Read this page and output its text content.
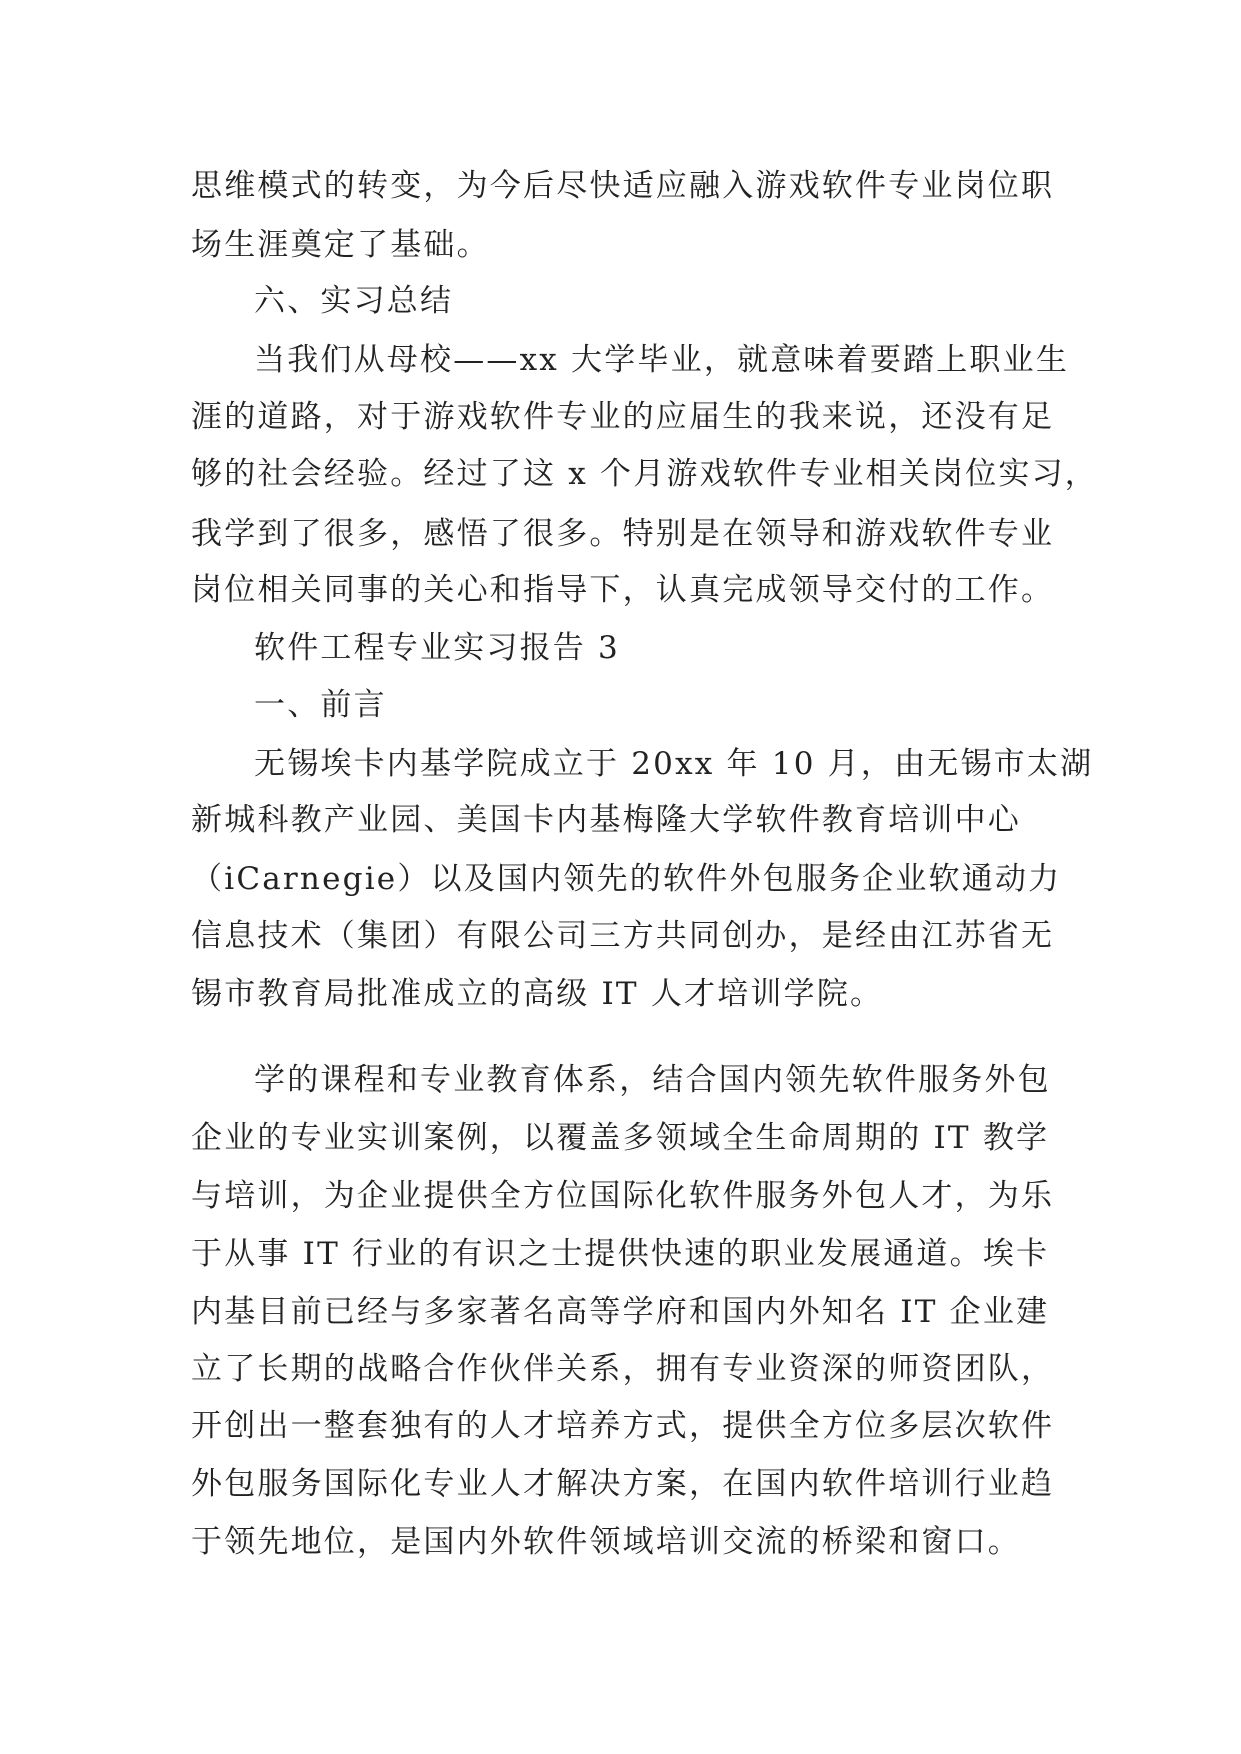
思维模式的转变，为今后尽快适应融入游戏软件专业岗位职
场生涯奠定了基础。
六、实习总结
当我们从母校——xx 大学毕业，就意味着要踏上职业生
涯的道路，对于游戏软件专业的应届生的我来说，还没有足
够的社会经验。经过了这 x 个月游戏软件专业相关岗位实习，
我学到了很多，感悟了很多。特别是在领导和游戏软件专业
岗位相关同事的关心和指导下，认真完成领导交付的工作。
软件工程专业实习报告 3
一、前言
无锡埃卡内基学院成立于 20xx 年 10 月，由无锡市太湖
新城科教产业园、美国卡内基梅隆大学软件教育培训中心
（iCarnegie）以及国内领先的软件外包服务企业软通动力
信息技术（集团）有限公司三方共同创办，是经由江苏省无
锡市教育局批准成立的高级 IT 人才培训学院。
学的课程和专业教育体系，结合国内领先软件服务外包
企业的专业实训案例，以覆盖多领域全生命周期的 IT 教学
与培训，为企业提供全方位国际化软件服务外包人才，为乐
于从事 IT 行业的有识之士提供快速的职业发展通道。埃卡
内基目前已经与多家著名高等学府和国内外知名 IT 企业建
立了长期的战略合作伙伴关系，拥有专业资深的师资团队，
开创出一整套独有的人才培养方式，提供全方位多层次软件
外包服务国际化专业人才解决方案，在国内软件培训行业趋
于领先地位，是国内外软件领域培训交流的桥梁和窗口。
